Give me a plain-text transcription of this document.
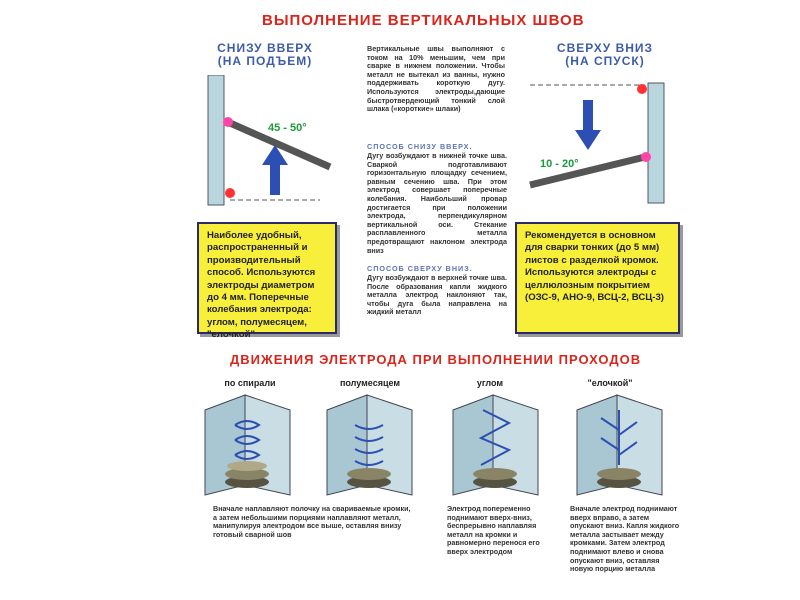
ВЫПОЛНЕНИЕ ВЕРТИКАЛЬНЫХ ШВОВ
СНИЗУ ВВЕРХ
(НА ПОДЪЕМ)
45 - 50°
Наиболее удобный, распространенный и производительный способ. Используются электроды диаметром до 4 мм. Поперечные колебания электрода: углом, полумесяцем, "елочкой"
Вертикальные швы выполняют с током на 10% меньшим, чем при сварке в нижнем положении. Чтобы металл не вытекал из ванны, нужно поддерживать короткую дугу. Используются электроды,дающие быстротвердеющий тонкий слой шлака («короткие» шлаки)
СПОСОБ СНИЗУ ВВЕРХ.
Дугу возбуждают в нижней точке шва. Сваркой подготавливают горизонтальную площадку сечением, равным сечению шва. При этом электрод совершает поперечные колебания. Наибольший провар достигается при положении электрода, перпендикулярном вертикальной оси. Стекание расплавленного металла предотвращают наклоном электрода вниз
СПОСОБ СВЕРХУ ВНИЗ.
Дугу возбуждают в верхней точке шва. После образования капли жидкого металла электрод наклоняют так, чтобы дуга была направлена на жидкий металл
СВЕРХУ ВНИЗ
(НА СПУСК)
10 - 20°
Рекомендуется в основном для сварки тонких (до 5 мм) листов с разделкой кромок. Используются электроды с целлюлозным покрытием (ОЗС-9, АНО-9, ВСЦ-2, ВСЦ-3)
ДВИЖЕНИЯ ЭЛЕКТРОДА ПРИ ВЫПОЛНЕНИИ ПРОХОДОВ
по спирали	полумесяцем	углом	"елочкой"
Вначале наплавляют полочку на свариваемые кромки, а затем небольшими порциями наплавляют металл, манипулируя электродом все выше, оставляя внизу готовый сварной шов
Электрод попеременно поднимают вверх-вниз, беспрерывно наплавляя металл на кромки и равномерно перенося его вверх электродом
Вначале электрод поднимают вверх вправо, а затем опускают вниз. Капля жидкого металла застывает между кромками. Затем электрод поднимают влево и снова опускают вниз, оставляя новую порцию металла
